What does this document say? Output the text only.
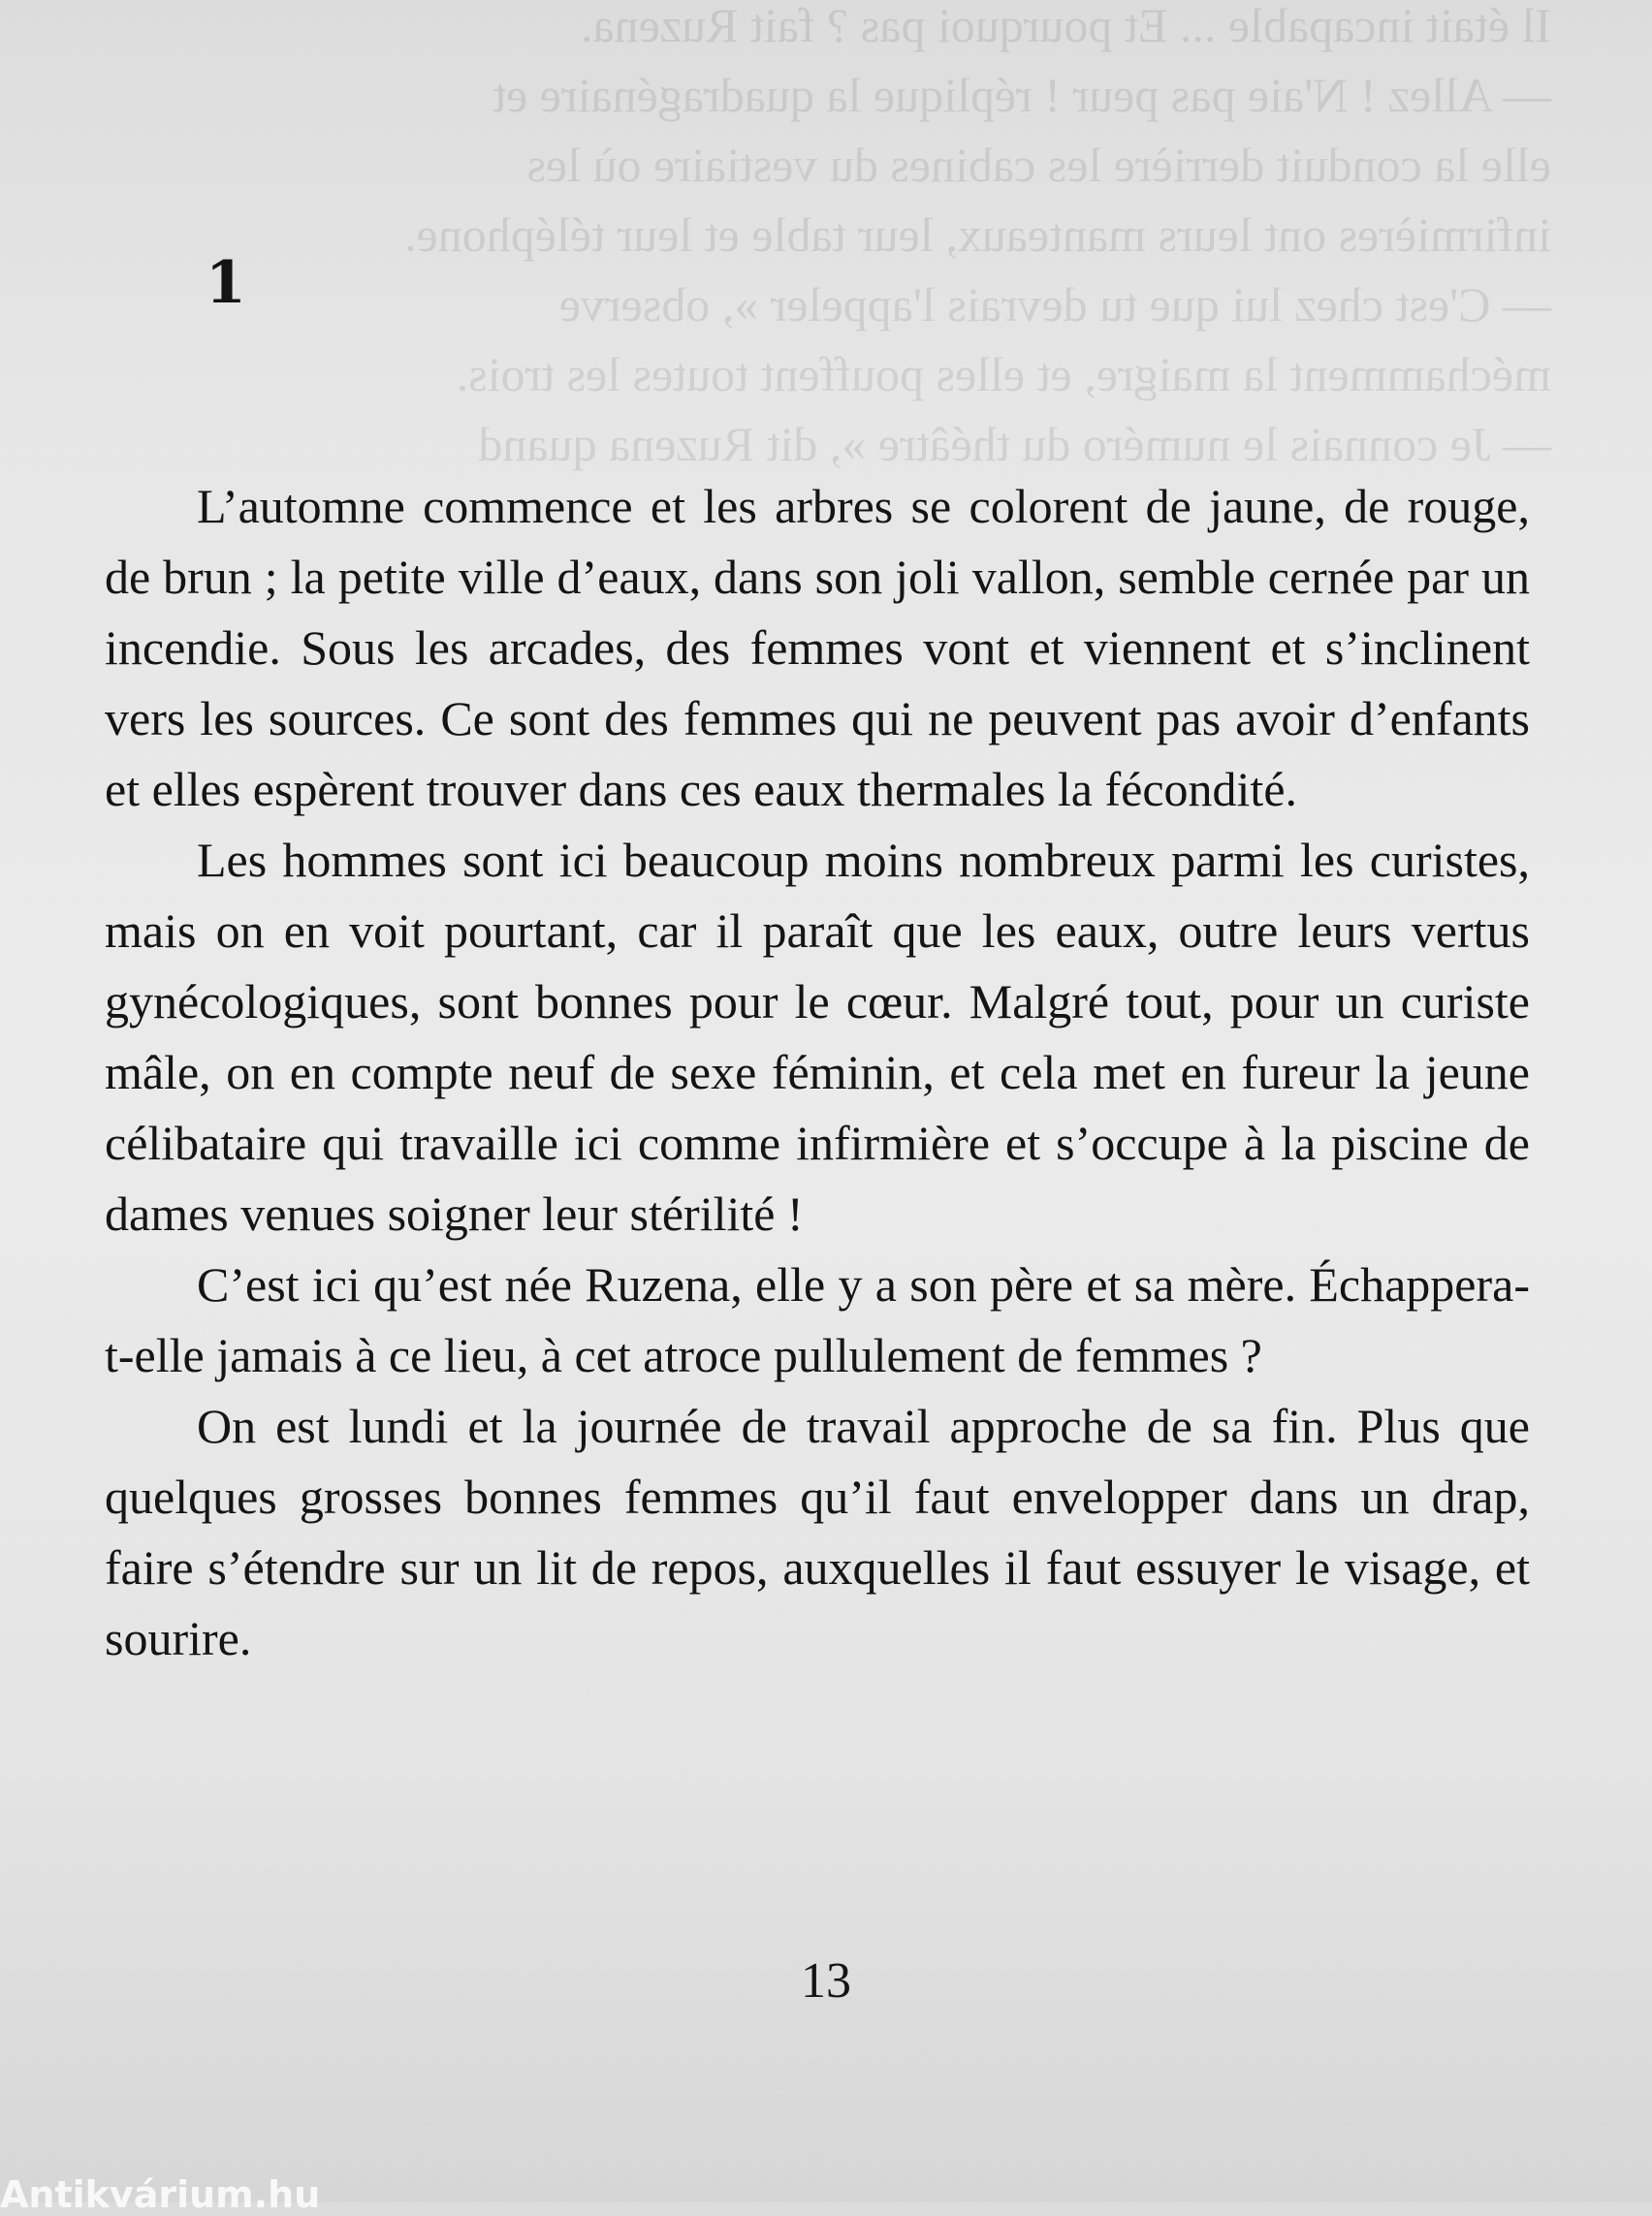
Il était incapable ... Et pourquoi pas ? fait Ruzena.
— Allez ! N'aie pas peur ! réplique la quadragénaire et
elle la conduit derrière les cabines du vestiaire où les
infirmières ont leurs manteaux, leur table et leur téléphone.
— C'est chez lui que tu devrais l'appeler », observe
méchamment la maigre, et elles pouffent toutes les trois.
— Je connais le numéro du théâtre », dit Ruzena quand
1

L’automne commence et les arbres se colorent de jaune, de rouge, de brun ; la petite ville d’eaux, dans son joli vallon, semble cernée par un incendie. Sous les arcades, des femmes vont et viennent et s’inclinent vers les sources. Ce sont des femmes qui ne peuvent pas avoir d’enfants et elles espèrent trouver dans ces eaux thermales la fécondité.

Les hommes sont ici beaucoup moins nombreux parmi les curistes, mais on en voit pourtant, car il paraît que les eaux, outre leurs vertus gynécologiques, sont bonnes pour le cœur. Malgré tout, pour un curiste mâle, on en compte neuf de sexe féminin, et cela met en fureur la jeune célibataire qui travaille ici comme infirmière et s’occupe à la piscine de dames venues soigner leur stérilité !

C’est ici qu’est née Ruzena, elle y a son père et sa mère. Échappera-t-elle jamais à ce lieu, à cet atroce pullulement de femmes ?

On est lundi et la journée de travail approche de sa fin. Plus que quelques grosses bonnes femmes qu’il faut envelopper dans un drap, faire s’étendre sur un lit de repos, auxquelles il faut essuyer le visage, et sourire.

13
Antikvárium.hu
